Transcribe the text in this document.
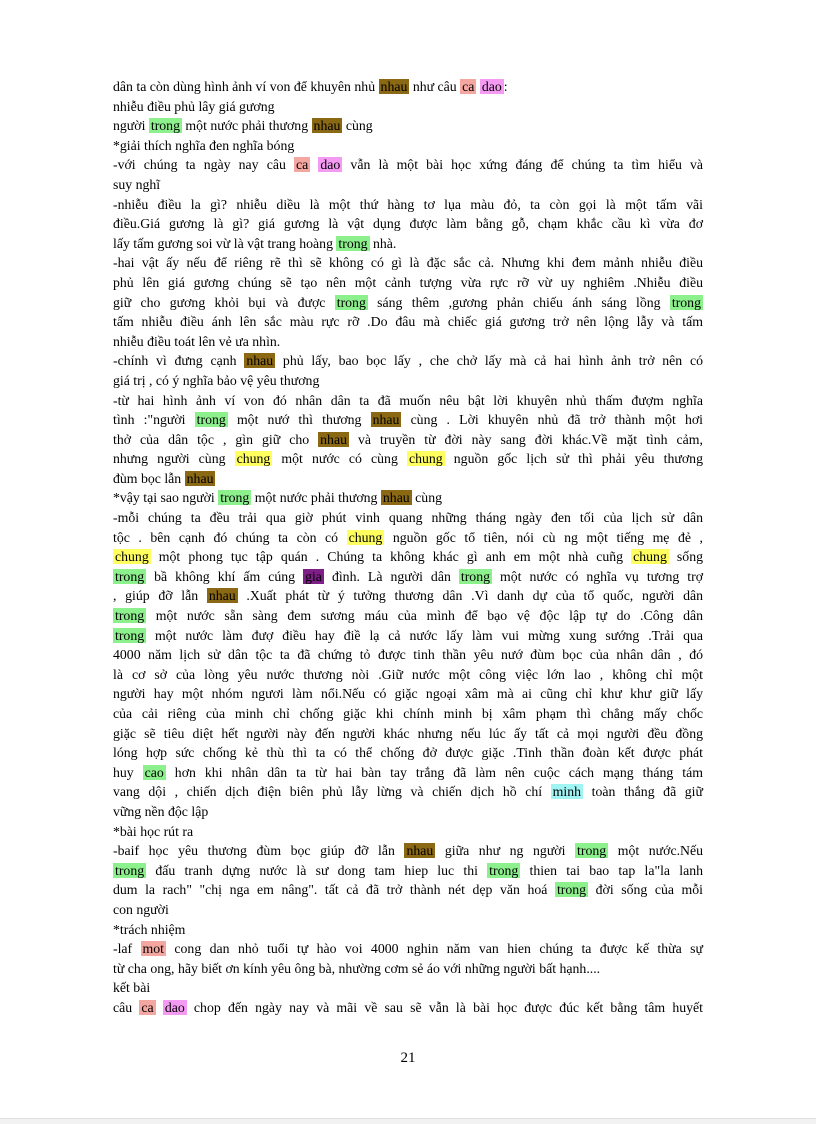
dân ta còn dùng hình ảnh ví von để khuyên nhủ nhau như câu ca dao :
nhiễu điều phủ lây giá gương
người trong một nước phải thương nhau cùng
*giải thích nghĩa đen nghĩa bóng
-với chúng ta ngày nay câu ca dao vẫn là một bài học xứng đáng để chúng ta tìm hiểu và
suy nghĩ
-nhiễu điều la gì? nhiễu diều là một thứ hàng tơ lụa màu đỏ, ta còn gọi là một tấm vãi
điều.Giá gương là gì? giá gương là vật dụng được làm bằng gỗ, chạm khắc cầu kì vừa đơ
lấy tấm gương soi vừ là vật trang hoàng trong nhà.
-hai vật ấy nếu để riêng rẽ thì sẽ không có gì là đặc sắc cả. Nhưng khi đem mảnh nhiễu điều
phủ lên giá gương chúng sẽ tạo nên một cảnh tượng vừa rực rỡ vừ uy nghiêm .Nhiễu điều
giữ cho gương khỏi bụi và được trong sáng thêm ,gương phản chiếu ánh sáng lồng trong
tấm nhiễu điều ánh lên sắc màu rực rỡ .Do đâu mà chiếc giá gương trở nên lộng lẫy và tấm
nhiễu điều toát lên vẻ ưa nhìn.
-chính vì đưng cạnh nhau phủ lấy, bao bọc lấy , che chở lấy mà cả hai hình ảnh trở nên có
giá trị , có ý nghĩa bảo vệ yêu thương
-từ hai hình ảnh ví von đó nhân dân ta đã muốn nêu bật lời khuyên nhủ thấm đượm nghĩa
tình :"người trong một nướ thì thương nhau cùng . Lời khuyên nhủ đã trở thành một hơi
thở của dân tộc , gìn giữ cho nhau và truyền từ đời này sang đời khác.Về mặt tình cảm,
nhưng người cùng chung một nước có cùng chung nguồn gốc lịch sử thì phải yêu thương
đùm bọc lẫn nhau
*vậy tại sao người trong một nước phải thương nhau cùng
-mỗi chúng ta đều trải qua giờ phút vinh quang những tháng ngày đen tối của lịch sử dân
tộc . bên cạnh đó chúng ta còn có chung nguồn gốc tổ tiên, nói cù ng một tiếng mẹ đẻ ,
chung một phong tục tập quán . Chúng ta không khác gì anh em một nhà cuñg chung sống
trong bầ không khí ấm cúng gia đình. Là người dân trong một nước có nghĩa vụ tương trợ
, giúp đỡ lẫn nhau .Xuất phát từ ý tưởng thương dân .Vì danh dự của tổ quốc, người dân
trong một nước sẵn sàng đem sương máu của mình để bạo vệ độc lập tự do .Công dân
trong một nước làm đượ điều hay điề lạ cả nước lấy làm vui mừng xung sướng .Trải qua
4000 năm lịch sử dân tộc ta đã chứng tỏ được tinh thần yêu nướ đùm bọc của nhân dân , đó
là cơ sở của lòng yêu nước thương nòi .Giữ nước một công việc lớn lao , không chỉ một
người hay một nhóm ngươi làm nổi.Nếu có giặc ngoại xâm mà ai cũng chỉ khư khư giữ lấy
của cải riêng của minh chỉ chống giặc khi chính minh bị xâm phạm thì chẳng mấy chốc
giặc sẽ tiêu diệt hết người này đến người khác nhưng nếu lúc ấy tất cả mọi người đều đồng
lóng hợp sức chống kẻ thù thì ta có thể chống đở được giặc .Tinh thần đoàn kết được phát
huy cao hơn khi nhân dân ta từ hai bàn tay trắng đã làm nên cuộc cách mạng tháng tám
vang dội , chiến dịch điện biên phủ lẫy lừng và chiến dịch hồ chí minh toàn thắng đã giữ
vững nền độc lập
*bài học rút ra
-baif học yêu thương đùm bọc giúp đỡ lẫn nhau giữa như ng người trong một nước.Nếu
trong đấu tranh dựng nước là sư dong tam hiep luc thi trong thien tai bao tap la"la lanh
dum la rach" "chị nga em nâng". tất cả đã trở thành nét dẹp văn hoá trong đời sống của mỗi
con người
*trách nhiệm
-laf mot cong dan nhỏ tuổi tự hào voi 4000 nghin năm van hien chúng ta được kế thừa sự
từ cha ong, hãy biết ơn kính yêu ông bà, nhường cơm sẻ áo với những người bất hạnh....
kết bài
câu ca dao chop đến ngày nay và mãi về sau sẽ vẫn là bài học được đúc kết bằng tâm huyết
21
